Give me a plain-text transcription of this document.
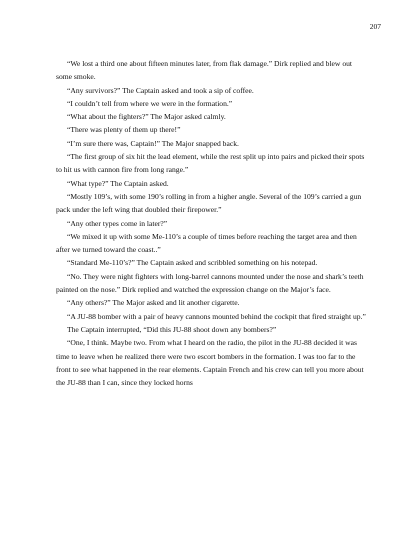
207

“We lost a third one about fifteen minutes later, from flak damage.” Dirk replied and blew out some smoke.

“Any survivors?” The Captain asked and took a sip of coffee.

“I couldn’t tell from where we were in the formation.”

“What about the fighters?” The Major asked calmly.

“There was plenty of them up there!”

“I’m sure there was, Captain!” The Major snapped back.

“The first group of six hit the lead element, while the rest split up into pairs and picked their spots to hit us with cannon fire from long range.”

“What type?” The Captain asked.

“Mostly 109’s, with some 190’s rolling in from a higher angle. Several of the 109’s carried a gun pack under the left wing that doubled their firepower.”

“Any other types come in later?”

“We mixed it up with some Me-110’s a couple of times before reaching the target area and then after we turned toward the coast..”

“Standard Me-110’s?” The Captain asked and scribbled something on his notepad.

“No. They were night fighters with long-barrel cannons mounted under the nose and shark’s teeth painted on the nose.” Dirk replied and watched the expression change on the Major’s face.

“Any others?” The Major asked and lit another cigarette.

“A JU-88 bomber with a pair of heavy cannons mounted behind the cockpit that fired straight up.”

The Captain interrupted, “Did this JU-88 shoot down any bombers?”

“One, I think. Maybe two. From what I heard on the radio, the pilot in the JU-88 decided it was time to leave when he realized there were two escort bombers in the formation. I was too far to the front to see what happened in the rear elements. Captain French and his crew can tell you more about the JU-88 than I can, since they locked horns
